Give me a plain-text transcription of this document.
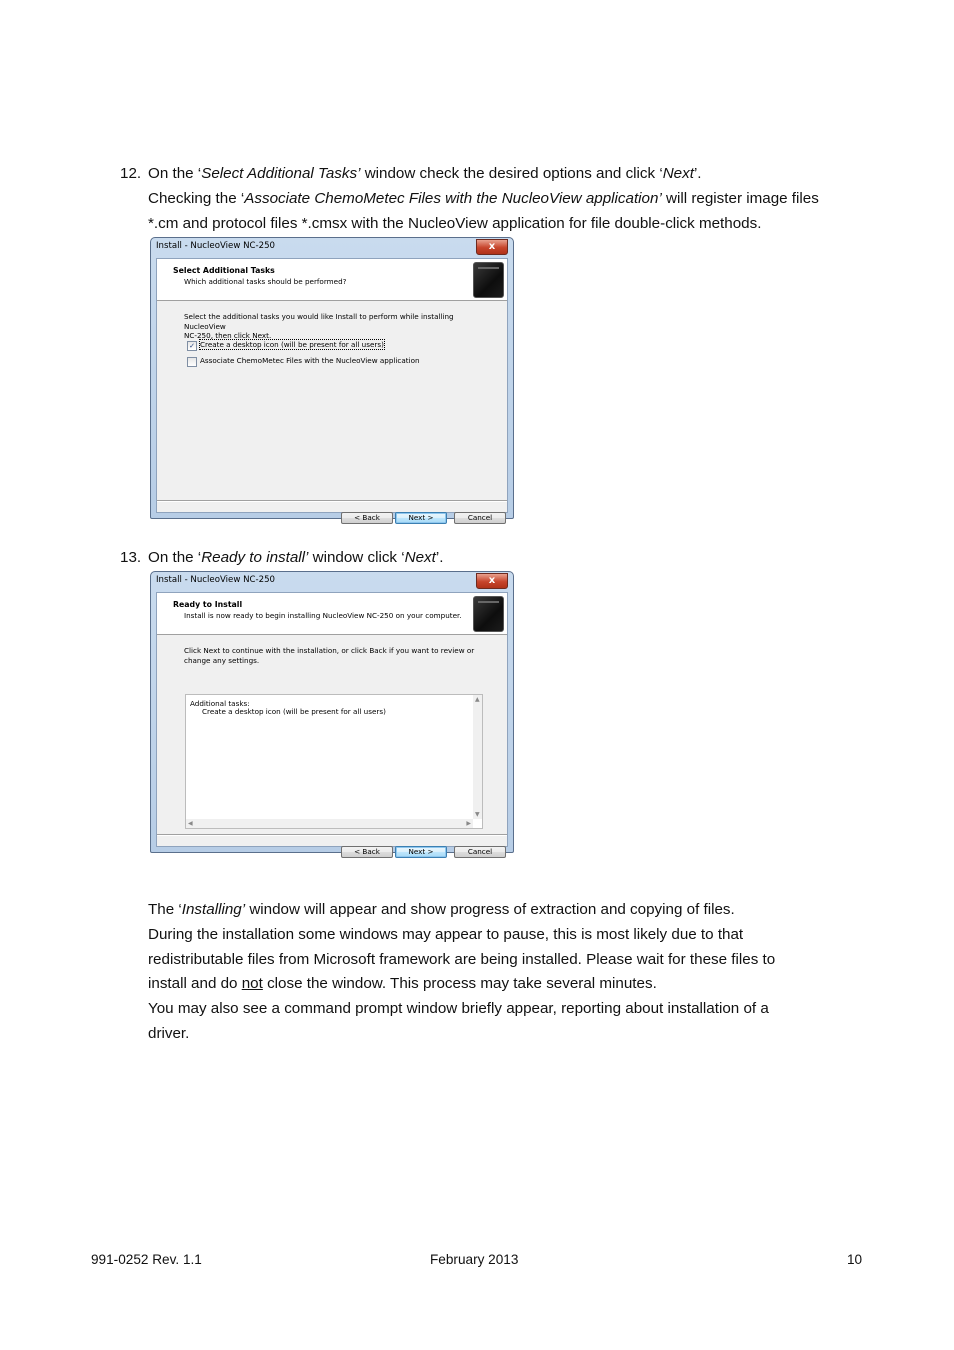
12. On the ‘Select Additional Tasks’ window check the desired options and click ‘Next’.

Checking the ‘Associate ChemoMetec Files with the NucleoView application’ will register image files

*.cm and protocol files *.cmsx with the NucleoView application for file double-click methods.

Install - NucleoView NC-250	x
Select Additional Tasks
Which additional tasks should be performed?
Select the additional tasks you would like Install to perform while installing NucleoView
NC-250, then click Next.
✓ Create a desktop icon (will be present for all users)
Associate ChemoMetec Files with the NucleoView application
< Back	Next >	Cancel
13. On the ‘Ready to install’ window click ‘Next’.

Install - NucleoView NC-250	x
Ready to Install
Install is now ready to begin installing NucleoView NC-250 on your computer.
Click Next to continue with the installation, or click Back if you want to review or
change any settings.
Additional tasks:
Create a desktop icon (will be present for all users)
▲
▼
◀	▶
< Back	Next >	Cancel

The ‘Installing’ window will appear and show progress of extraction and copying of files.

During the installation some windows may appear to pause, this is most likely due to that

redistributable files from Microsoft framework are being installed. Please wait for these files to

install and do not close the window. This process may take several minutes.

You may also see a command prompt window briefly appear, reporting about installation of a

driver.

991-0252 Rev. 1.1	February 2013	10
